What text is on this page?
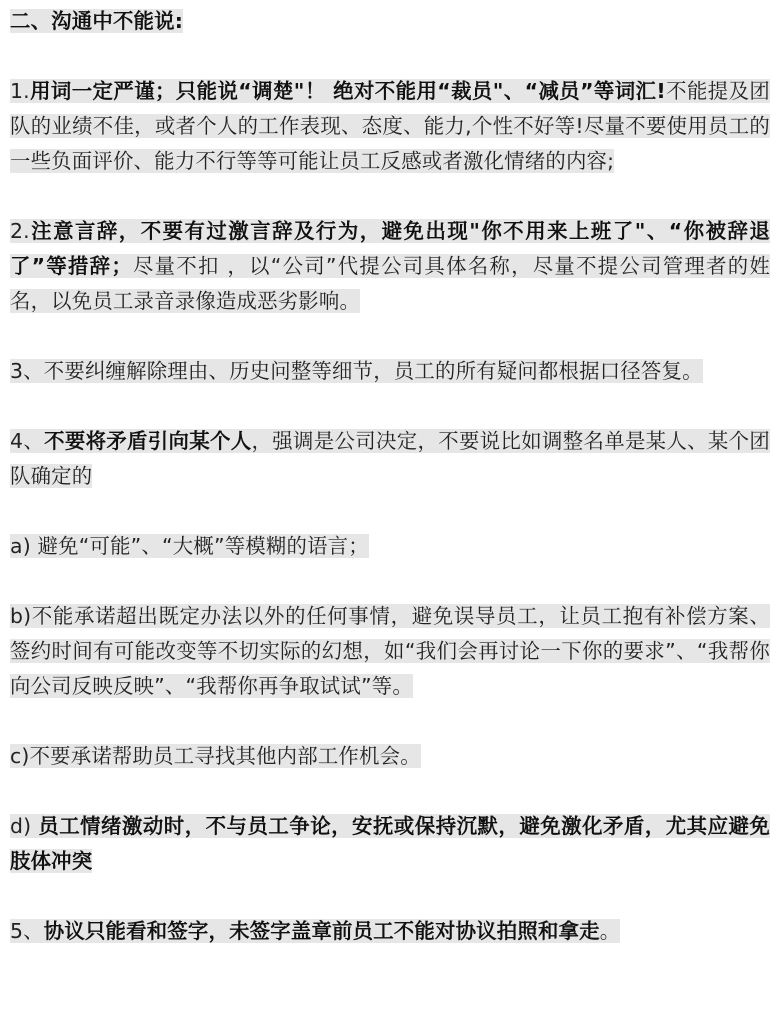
二、沟通中不能说:

1.用词一定严谨；只能说“调楚"！ 绝对不能用“裁员"、“减员”等词汇!不能提及团队的业绩不佳，或者个人的工作表现、态度、能力,个性不好等!尽量不要使用员工的一些负面评价、能力不行等等可能让员工反感或者激化情绪的内容;

2.注意言辞，不要有过激言辞及行为，避免出现"你不用来上班了"、“你被辞退了”等措辞；尽量不扣 ，以“公司”代提公司具体名称，尽量不提公司管理者的姓名，以免员工录音录像造成恶劣影响。

3、不要纠缠解除理由、历史问整等细节，员工的所有疑问都根据口径答复。

4、不要将矛盾引向某个人，强调是公司决定，不要说比如调整名单是某人、某个团队确定的

a) 避免“可能”、“大概”等模糊的语言；

b)不能承诺超出既定办法以外的任何事情，避免误导员工，让员工抱有补偿方案、签约时间有可能改变等不切实际的幻想，如“我们会再讨论一下你的要求”、“我帮你向公司反映反映”、“我帮你再争取试试”等。

c)不要承诺帮助员工寻找其他内部工作机会。

d) 员工情绪激动时，不与员工争论，安抚或保持沉默，避免激化矛盾，尤其应避免肢体冲突

5、协议只能看和签字，未签字盖章前员工不能对协议拍照和拿走。
